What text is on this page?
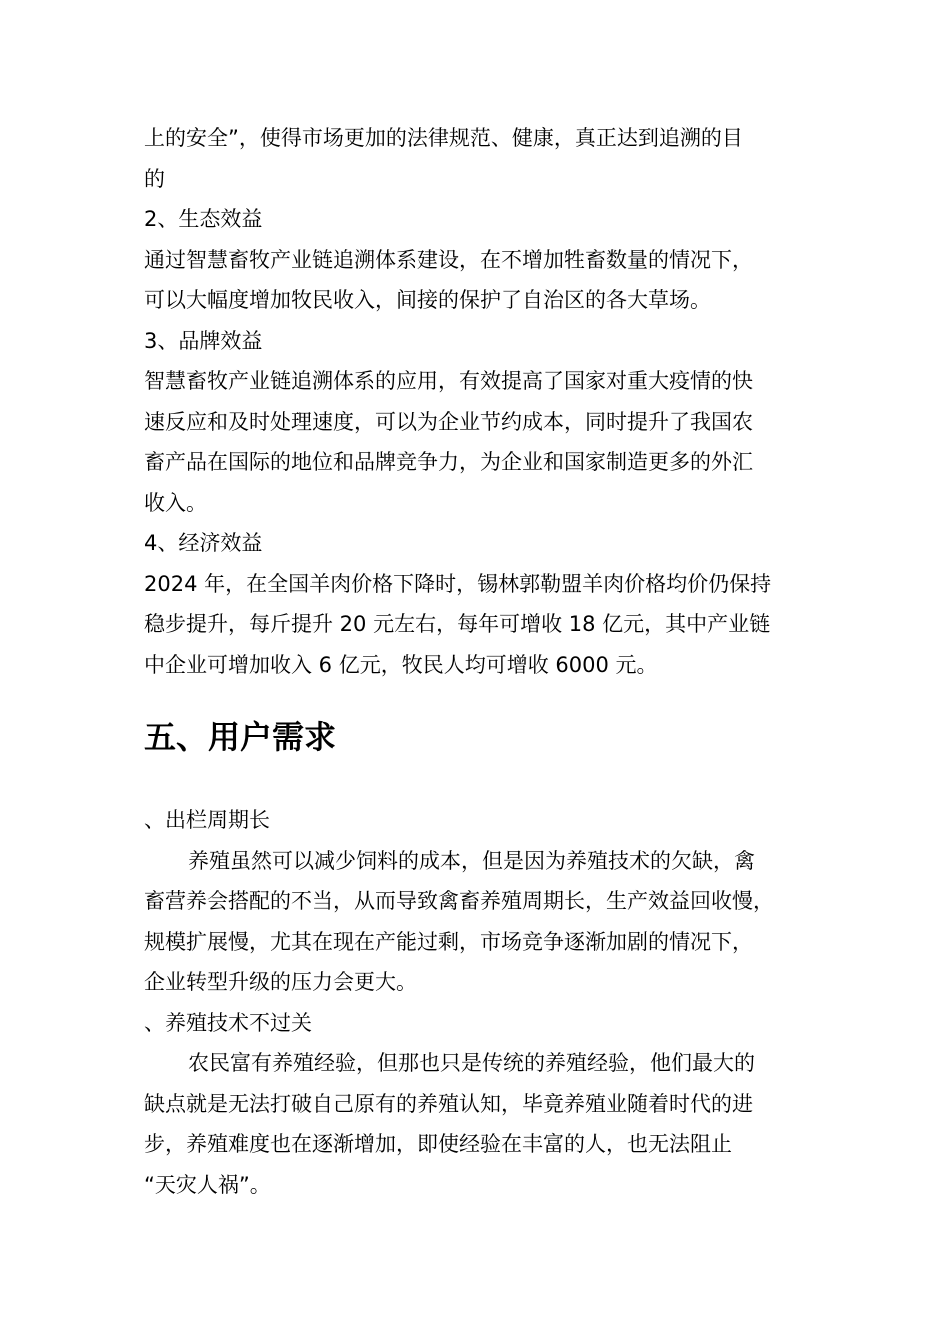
上的安全”，使得市场更加的法律规范、健康，真正达到追溯的目
的
2、生态效益
通过智慧畜牧产业链追溯体系建设，在不增加牲畜数量的情况下，
可以大幅度增加牧民收入，间接的保护了自治区的各大草场。
3、品牌效益
智慧畜牧产业链追溯体系的应用，有效提高了国家对重大疫情的快
速反应和及时处理速度，可以为企业节约成本，同时提升了我国农
畜产品在国际的地位和品牌竞争力，为企业和国家制造更多的外汇
收入。
4、经济效益
2024 年，在全国羊肉价格下降时，锡林郭勒盟羊肉价格均价仍保持
稳步提升，每斤提升 20 元左右，每年可增收 18 亿元，其中产业链
中企业可增加收入 6 亿元，牧民人均可增收 6000 元。
五、用户需求
、出栏周期长
养殖虽然可以减少饲料的成本，但是因为养殖技术的欠缺，禽
畜营养会搭配的不当，从而导致禽畜养殖周期长，生产效益回收慢，
规模扩展慢，尤其在现在产能过剩，市场竞争逐渐加剧的情况下，
企业转型升级的压力会更大。
、养殖技术不过关
农民富有养殖经验，但那也只是传统的养殖经验，他们最大的
缺点就是无法打破自己原有的养殖认知，毕竟养殖业随着时代的进
步，养殖难度也在逐渐增加，即使经验在丰富的人，也无法阻止
“天灾人祸”。
